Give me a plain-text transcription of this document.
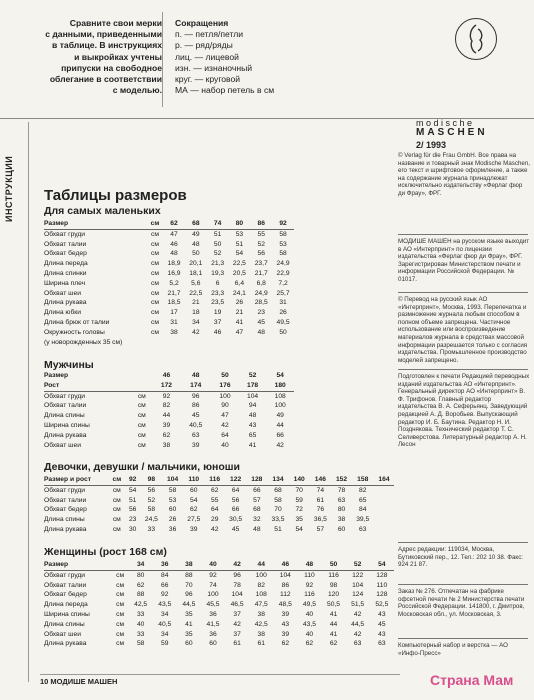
Сравните свои мерки
с данными, приведенными
в таблице. В инструкциях
и выкройках учтены
припуски на свободное
облегание в соответствии
с моделью.
Сокращения
п. — петля/петли
р. — ряд/ряды
лиц. — лицевой
изн. — изнаночный
круг. — круговой
МА — набор петель в см
ИНСТРУКЦИИ
modische
MASCHEN
2/ 1993
Таблицы размеров
Для самых маленьких
Размер	см	62	68	74	80	86	92
Обхват груди	см	47	49	51	53	55	58
Обхват талии	см	46	48	50	51	52	53
Обхват бедер	см	48	50	52	54	56	58
Длина переда	см	18,9	20,1	21,3	22,5	23,7	24,9
Длина спинки	см	16,9	18,1	19,3	20,5	21,7	22,9
Ширина плеч	см	5,2	5,6	6	6,4	6,8	7,2
Обхват шеи	см	21,7	22,5	23,3	24,1	24,9	25,7
Длина рукава	см	18,5	21	23,5	26	28,5	31
Длина юбки	см	17	18	19	21	23	26
Длина брюк от талии	см	31	34	37	41	45	49,5
Окружность головы	см	38	42	46	47	48	50
(у новорожденных 35 см)							
Мужчины
Размер		46	48	50	52	54
Рост		172	174	176	178	180
Обхват груди	см	92	96	100	104	108
Обхват талии	см	82	86	90	94	100
Длина спины	см	44	45	47	48	49
Ширина спины	см	39	40,5	42	43	44
Длина рукава	см	62	63	64	65	66
Обхват шеи	см	38	39	40	41	42
Девочки, девушки / мальчики, юноши
Размер и рост	см	92	98	104	110	116	122	128	134	140	146	152	158	164
Обхват груди	см	54	56	58	60	62	64	66	68	70	74	78	82	
Обхват талии	см	51	52	53	54	55	56	57	58	59	61	63	65	
Обхват бедер	см	56	58	60	62	64	66	68	70	72	76	80	84	
Длина спины	см	23	24,5	26	27,5	29	30,5	32	33,5	35	36,5	38	39,5	
Длина рукава	см	30	33	36	39	42	45	48	51	54	57	60	63	
Женщины (рост 168 см)
Размер		34	36	38	40	42	44	46	48	50	52	54
Обхват груди	см	80	84	88	92	96	100	104	110	116	122	128
Обхват талии	см	62	66	70	74	78	82	86	92	98	104	110
Обхват бедер	см	88	92	96	100	104	108	112	116	120	124	128
Длина переда	см	42,5	43,5	44,5	45,5	46,5	47,5	48,5	49,5	50,5	51,5	52,5
Ширина спины	см	33	34	35	36	37	38	39	40	41	42	43
Длина спины	см	40	40,5	41	41,5	42	42,5	43	43,5	44	44,5	45
Обхват шеи	см	33	34	35	36	37	38	39	40	41	42	43
Длина рукава	см	58	59	60	60	61	61	62	62	62	63	63
© Verlag für die Frau GmbH. Все права на название и товарный знак Modische Maschen, его текст и шрифтовое оформление, а также на содержание журнала принадлежат исключительно издательству «Ферлаг фюр ди Фрау», ФРГ.
МОДИШЕ МАШЕН на русском языке выходит в АО «Интерпринт» по лицензии издательства «Ферлаг фюр ди Фрау», ФРГ. Зарегистрирован Министерством печати и информации Российской Федерации. № 01017.
© Перевод на русский язык АО «Интерпринт», Москва, 1993. Перепечатка и размножение журнала любым способом в полном объеме запрещена. Частичное использование или воспроизведение материалов журнала в средствах массовой информации разрешается только с согласия издательства. Промышленное производство моделей запрещено.
Подготовлен к печати Редакцией переводных изданий издательства АО «Интерпринт». Генеральный директор АО «Интерпринт» В. Ф. Трифонов. Главный редактор издательства В. А. Сеферьянц. Заведующий редакцией А. Д. Воробьев. Выпускающий редактор И. Б. Баутина. Редактор Н. И. Позднякова. Технический редактор Т. С. Селиверстова. Литературный редактор А. Н. Лесон
Адрес редакции: 119034, Москва, Бутиковский пер., 12. Тел.: 202 10 38. Факс: 924 21 87.
Заказ № 276. Отпечатан на фабрике офсетной печати № 2 Министерства печати Российской Федерации. 141800, г. Дмитров, Московская обл., ул. Московская, 3.
Компьютерный набор и верстка — АО «Инфо-Пресс»
10 МОДИШЕ МАШЕН	Страна Мам
